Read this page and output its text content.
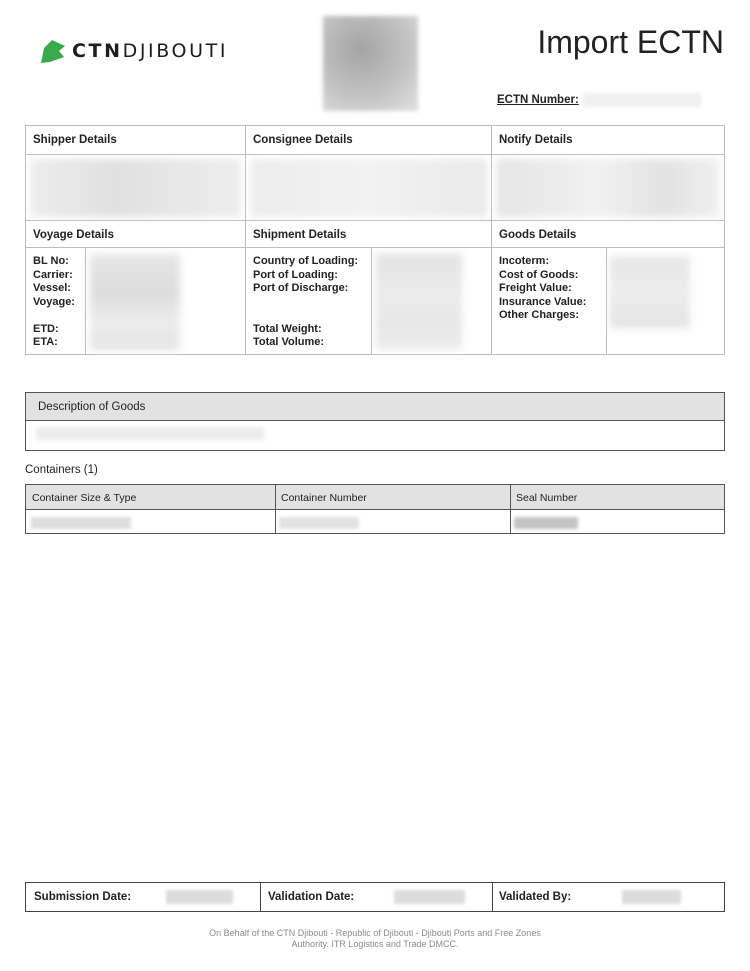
CTNDJIBOUTI	Import ECTN
ECTN Number:
Shipper Details	Consignee Details	Notify Details
Voyage Details	Shipment Details	Goods Details
BL No:
Carrier:
Vessel:
Voyage:
ETD:
ETA:
Country of Loading:
Port of Loading:
Port of Discharge:
Total Weight:
Total Volume:
Incoterm:
Cost of Goods:
Freight Value:
Insurance Value:
Other Charges:
Description of Goods
Containers (1)
Container Size & Type	Container Number	Seal Number
Submission Date:	Validation Date:	Validated By:
On Behalf of the CTN Djibouti - Republic of Djibouti - Djibouti Ports and Free Zones Authority. ITR Logistics and Trade DMCC.
